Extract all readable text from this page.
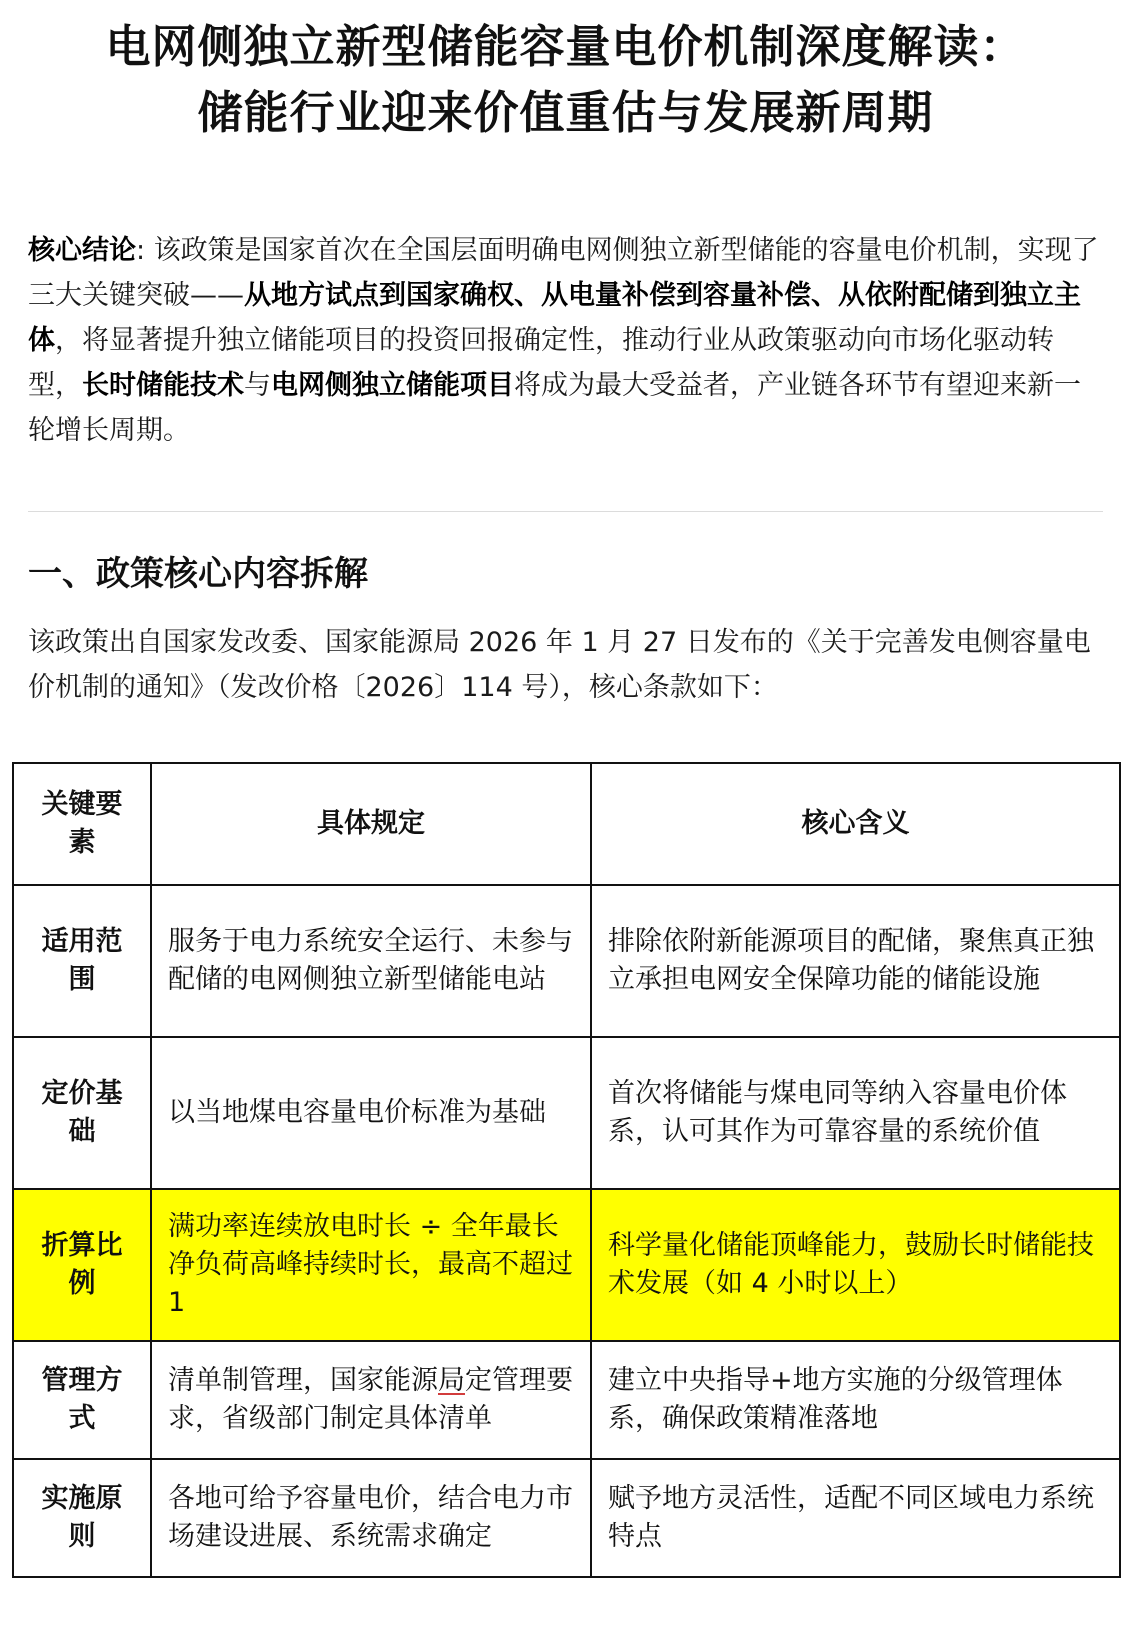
电网侧独立新型储能容量电价机制深度解读：
储能行业迎来价值重估与发展新周期

核心结论: 该政策是国家首次在全国层面明确电网侧独立新型储能的容量电价机制，实现了三大关键突破——从地方试点到国家确权、从电量补偿到容量补偿、从依附配储到独立主体，将显著提升独立储能项目的投资回报确定性，推动行业从政策驱动向市场化驱动转型，长时储能技术与电网侧独立储能项目将成为最大受益者，产业链各环节有望迎来新一轮增长周期。

一、政策核心内容拆解

该政策出自国家发改委、国家能源局 2026 年 1 月 27 日发布的《关于完善发电侧容量电价机制的通知》（发改价格〔2026〕114 号），核心条款如下：

关键要素	具体规定	核心含义
适用范围	服务于电力系统安全运行、未参与配储的电网侧独立新型储能电站	排除依附新能源项目的配储，聚焦真正独立承担电网安全保障功能的储能设施
定价基础	以当地煤电容量电价标准为基础	首次将储能与煤电同等纳入容量电价体系，认可其作为可靠容量的系统价值
折算比例	满功率连续放电时长 ÷ 全年最长净负荷高峰持续时长，最高不超过 1	科学量化储能顶峰能力，鼓励长时储能技术发展（如 4 小时以上）
管理方式	清单制管理，国家能源局定管理要求，省级部门制定具体清单	建立中央指导+地方实施的分级管理体系，确保政策精准落地
实施原则	各地可给予容量电价，结合电力市场建设进展、系统需求确定	赋予地方灵活性，适配不同区域电力系统特点
